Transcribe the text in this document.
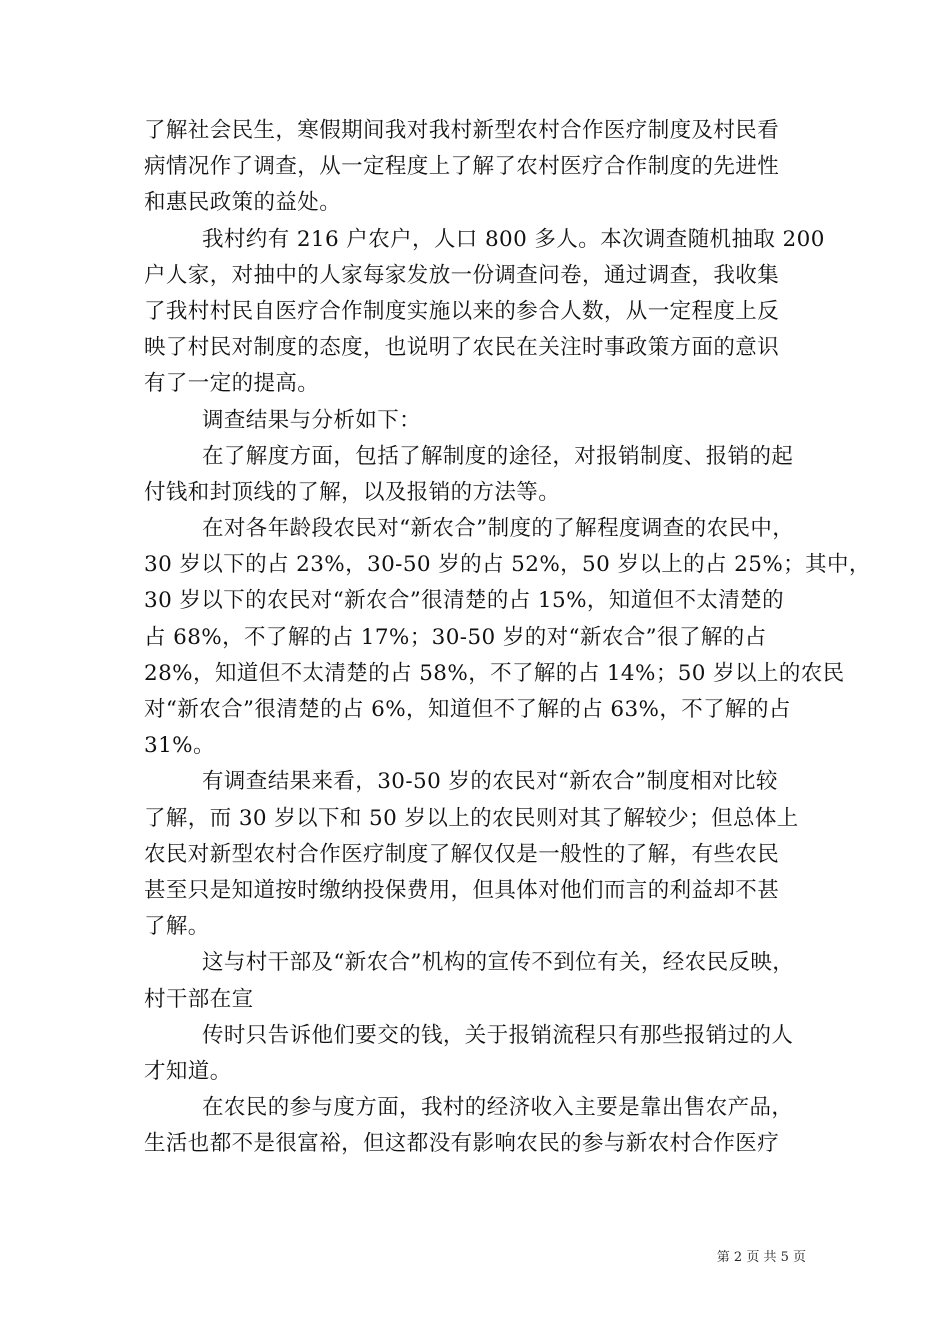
了解社会民生，寒假期间我对我村新型农村合作医疗制度及村民看
病情况作了调查，从一定程度上了解了农村医疗合作制度的先进性
和惠民政策的益处。
我村约有 216 户农户，人口 800 多人。本次调查随机抽取 200
户人家，对抽中的人家每家发放一份调查问卷，通过调查，我收集
了我村村民自医疗合作制度实施以来的参合人数，从一定程度上反
映了村民对制度的态度，也说明了农民在关注时事政策方面的意识
有了一定的提高。
调查结果与分析如下：
在了解度方面，包括了解制度的途径，对报销制度、报销的起
付钱和封顶线的了解，以及报销的方法等。
在对各年龄段农民对“新农合”制度的了解程度调查的农民中，
30 岁以下的占 23%，30-50 岁的占 52%，50 岁以上的占 25%；其中，
30 岁以下的农民对“新农合”很清楚的占 15%，知道但不太清楚的
占 68%，不了解的占 17%；30-50 岁的对“新农合”很了解的占
28%，知道但不太清楚的占 58%，不了解的占 14%；50 岁以上的农民
对“新农合”很清楚的占 6%，知道但不了解的占 63%，不了解的占
31%。
有调查结果来看，30-50 岁的农民对“新农合”制度相对比较
了解，而 30 岁以下和 50 岁以上的农民则对其了解较少；但总体上
农民对新型农村合作医疗制度了解仅仅是一般性的了解，有些农民
甚至只是知道按时缴纳投保费用，但具体对他们而言的利益却不甚
了解。
这与村干部及“新农合”机构的宣传不到位有关，经农民反映，
村干部在宣
传时只告诉他们要交的钱，关于报销流程只有那些报销过的人
才知道。
在农民的参与度方面，我村的经济收入主要是靠出售农产品，
生活也都不是很富裕，但这都没有影响农民的参与新农村合作医疗
第 2 页 共 5 页
